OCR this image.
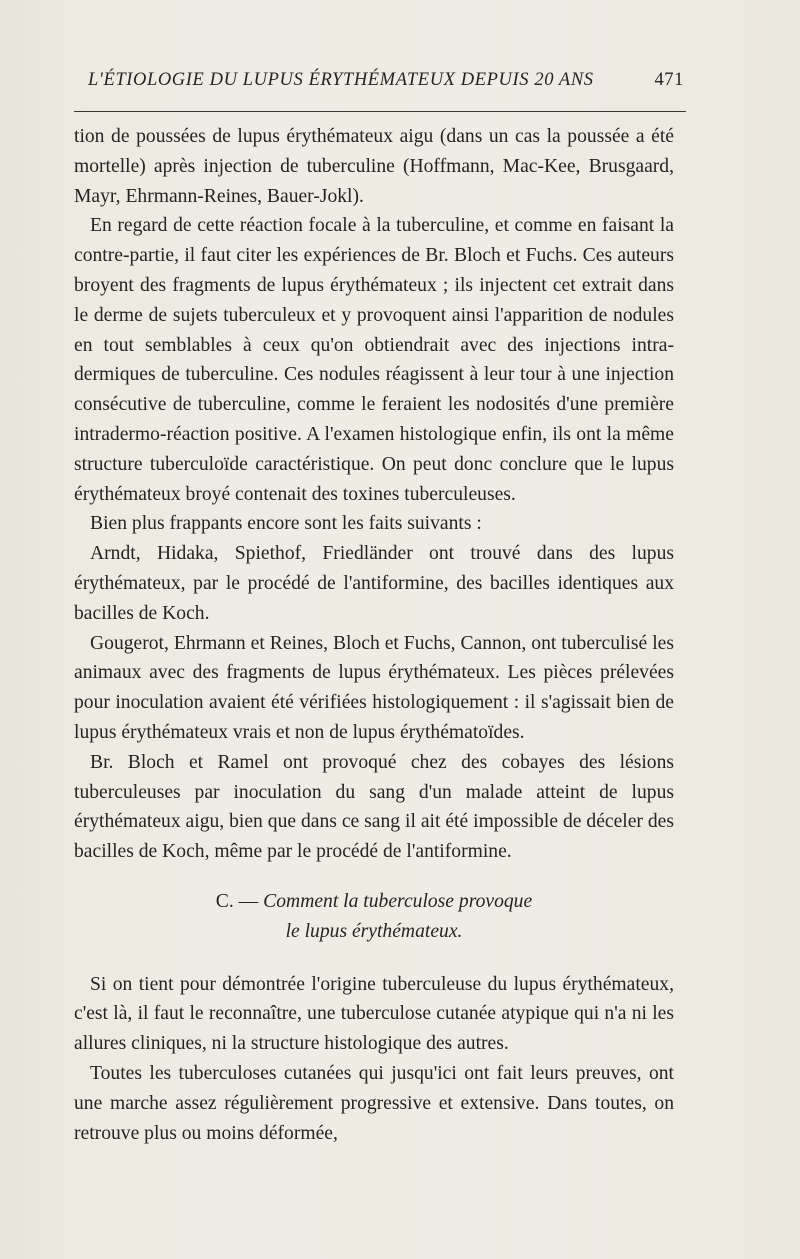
L'ÉTIOLOGIE DU LUPUS ÉRYTHÉMATEUX DEPUIS 20 ANS	471

tion de poussées de lupus érythémateux aigu (dans un cas la poussée a été mortelle) après injection de tuberculine (Hoffmann, Mac-Kee, Brusgaard, Mayr, Ehrmann-Reines, Bauer-Jokl).

En regard de cette réaction focale à la tuberculine, et comme en faisant la contre-partie, il faut citer les expériences de Br. Bloch et Fuchs. Ces auteurs broyent des fragments de lupus érythémateux ; ils injectent cet extrait dans le derme de sujets tuberculeux et y provoquent ainsi l'apparition de nodules en tout semblables à ceux qu'on obtiendrait avec des injections intra-dermiques de tuberculine. Ces nodules réagissent à leur tour à une injection consécutive de tuberculine, comme le feraient les nodosités d'une première intradermo-réaction positive. A l'examen histologique enfin, ils ont la même structure tuberculoïde caractéristique. On peut donc conclure que le lupus érythémateux broyé contenait des toxines tuberculeuses.

Bien plus frappants encore sont les faits suivants :

Arndt, Hidaka, Spiethof, Friedländer ont trouvé dans des lupus érythémateux, par le procédé de l'antiformine, des bacilles identiques aux bacilles de Koch.

Gougerot, Ehrmann et Reines, Bloch et Fuchs, Cannon, ont tuberculisé les animaux avec des fragments de lupus érythémateux. Les pièces prélevées pour inoculation avaient été vérifiées histologiquement : il s'agissait bien de lupus érythémateux vrais et non de lupus érythématoïdes.

Br. Bloch et Ramel ont provoqué chez des cobayes des lésions tuberculeuses par inoculation du sang d'un malade atteint de lupus érythémateux aigu, bien que dans ce sang il ait été impossible de déceler des bacilles de Koch, même par le procédé de l'antiformine.

C. — Comment la tuberculose provoque
le lupus érythémateux.

Si on tient pour démontrée l'origine tuberculeuse du lupus érythémateux, c'est là, il faut le reconnaître, une tuberculose cutanée atypique qui n'a ni les allures cliniques, ni la structure histologique des autres.

Toutes les tuberculoses cutanées qui jusqu'ici ont fait leurs preuves, ont une marche assez régulièrement progressive et extensive. Dans toutes, on retrouve plus ou moins déformée,
